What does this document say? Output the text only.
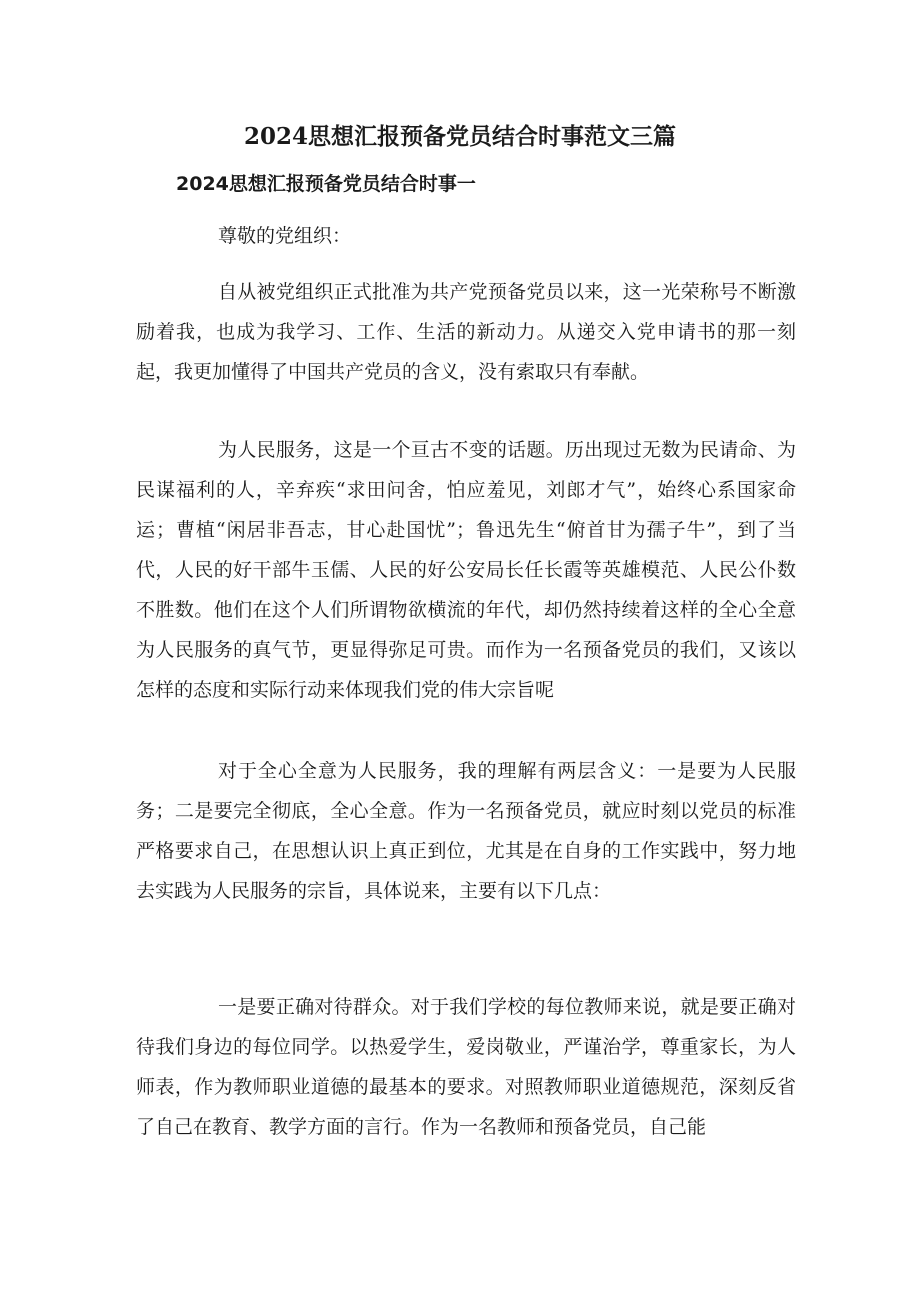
2024思想汇报预备党员结合时事范文三篇
2024思想汇报预备党员结合时事一
尊敬的党组织：

自从被党组织正式批准为共产党预备党员以来，这一光荣称号不断激励着我，也成为我学习、工作、生活的新动力。从递交入党申请书的那一刻起，我更加懂得了中国共产党员的含义，没有索取只有奉献。

为人民服务，这是一个亘古不变的话题。历出现过无数为民请命、为民谋福利的人，辛弃疾“求田问舍，怕应羞见，刘郎才气”，始终心系国家命运；曹植“闲居非吾志，甘心赴国忧”；鲁迅先生“俯首甘为孺子牛”，到了当代，人民的好干部牛玉儒、人民的好公安局长任长霞等英雄模范、人民公仆数不胜数。他们在这个人们所谓物欲横流的年代，却仍然持续着这样的全心全意为人民服务的真气节，更显得弥足可贵。而作为一名预备党员的我们，又该以怎样的态度和实际行动来体现我们党的伟大宗旨呢

对于全心全意为人民服务，我的理解有两层含义：一是要为人民服务；二是要完全彻底，全心全意。作为一名预备党员，就应时刻以党员的标准严格要求自己，在思想认识上真正到位，尤其是在自身的工作实践中，努力地去实践为人民服务的宗旨，具体说来，主要有以下几点：

一是要正确对待群众。对于我们学校的每位教师来说，就是要正确对待我们身边的每位同学。以热爱学生，爱岗敬业，严谨治学，尊重家长，为人师表，作为教师职业道德的最基本的要求。对照教师职业道德规范，深刻反省了自己在教育、教学方面的言行。作为一名教师和预备党员，自己能
